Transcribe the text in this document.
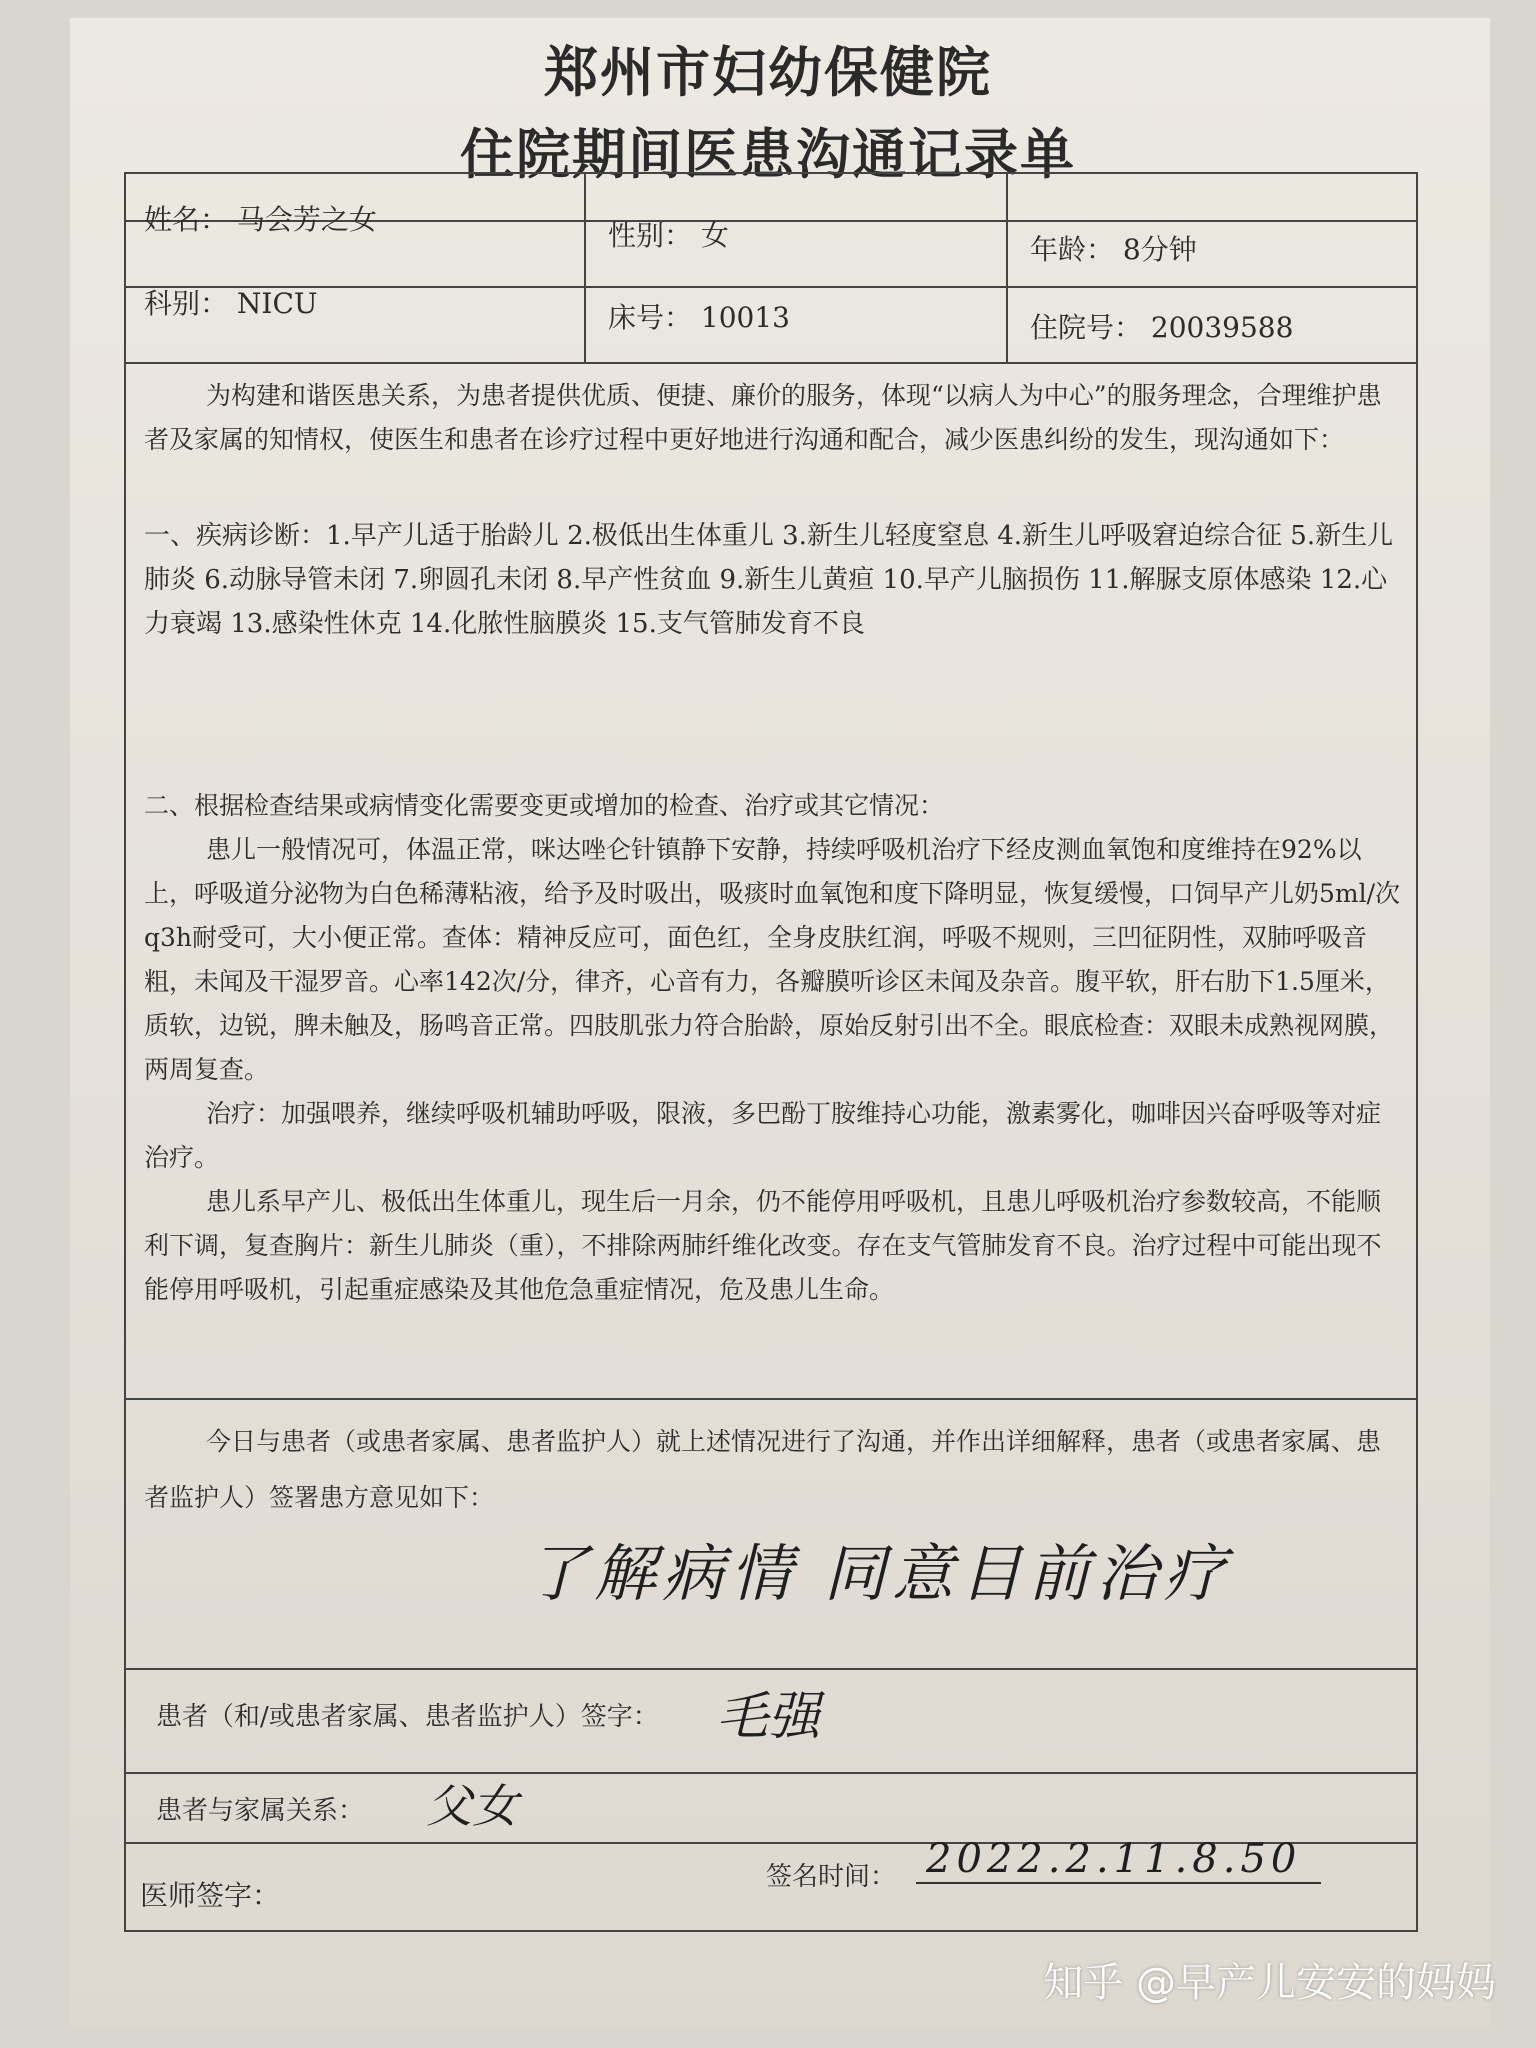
郑州市妇幼保健院
住院期间医患沟通记录单
姓名： 马会芳之女	性别： 女	年龄： 8分钟
科别： NICU	床号： 10013	住院号： 20039588
为构建和谐医患关系，为患者提供优质、便捷、廉价的服务，体现“以病人为中心”的服务理念，合理维护患者及家属的知情权，使医生和患者在诊疗过程中更好地进行沟通和配合，减少医患纠纷的发生，现沟通如下：
一、疾病诊断：1.早产儿适于胎龄儿 2.极低出生体重儿 3.新生儿轻度窒息 4.新生儿呼吸窘迫综合征 5.新生儿肺炎 6.动脉导管未闭 7.卵圆孔未闭 8.早产性贫血 9.新生儿黄疸 10.早产儿脑损伤 11.解脲支原体感染 12.心力衰竭 13.感染性休克 14.化脓性脑膜炎 15.支气管肺发育不良

二、根据检查结果或病情变化需要变更或增加的检查、治疗或其它情况：

患儿一般情况可，体温正常，咪达唑仑针镇静下安静，持续呼吸机治疗下经皮测血氧饱和度维持在92%以上，呼吸道分泌物为白色稀薄粘液，给予及时吸出，吸痰时血氧饱和度下降明显，恢复缓慢，口饲早产儿奶5ml/次 q3h耐受可，大小便正常。查体：精神反应可，面色红，全身皮肤红润，呼吸不规则，三凹征阴性，双肺呼吸音粗，未闻及干湿罗音。心率142次/分，律齐，心音有力，各瓣膜听诊区未闻及杂音。腹平软，肝右肋下1.5厘米，质软，边锐，脾未触及，肠鸣音正常。四肢肌张力符合胎龄，原始反射引出不全。眼底检查：双眼未成熟视网膜，两周复查。

治疗：加强喂养，继续呼吸机辅助呼吸，限液，多巴酚丁胺维持心功能，激素雾化，咖啡因兴奋呼吸等对症治疗。

患儿系早产儿、极低出生体重儿，现生后一月余，仍不能停用呼吸机，且患儿呼吸机治疗参数较高，不能顺利下调，复查胸片：新生儿肺炎（重），不排除两肺纤维化改变。存在支气管肺发育不良。治疗过程中可能出现不能停用呼吸机，引起重症感染及其他危急重症情况，危及患儿生命。

今日与患者（或患者家属、患者监护人）就上述情况进行了沟通，并作出详细解释，患者（或患者家属、患者监护人）签署患方意见如下：
了解病情 同意目前治疗
患者（和/或患者家属、患者监护人）签字： 毛强
患者与家属关系： 父女
医师签字：
签名时间： 2022.2.11.8.50
知乎 @早产儿安安的妈妈
